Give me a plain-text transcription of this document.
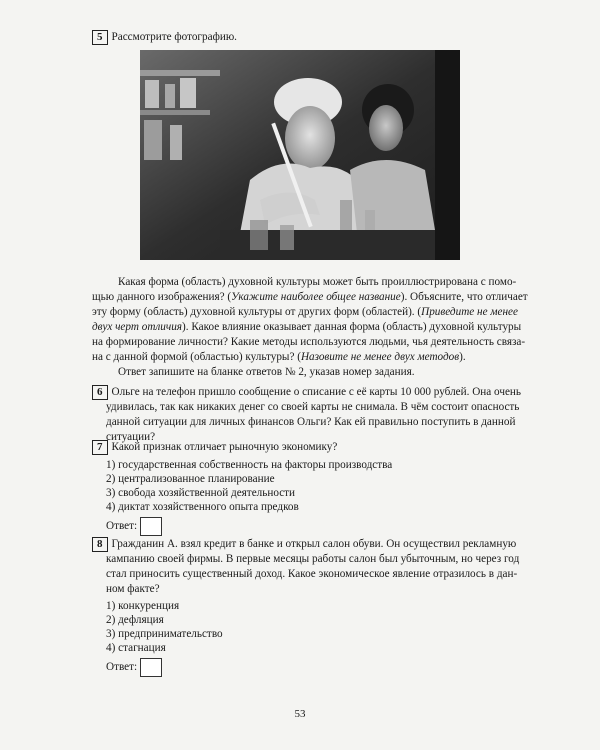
5 Рассмотрите фотографию.
Какая форма (область) духовной культуры может быть проиллюстрирована с помо-
щью данного изображения? (Укажите наиболее общее название). Объясните, что отличает
эту форму (область) духовной культуры от других форм (областей). (Приведите не менее
двух черт отличия). Какое влияние оказывает данная форма (область) духовной культуры
на формирование личности? Какие методы используются людьми, чья деятельность связа-
на с данной формой (областью) культуры? (Назовите не менее двух методов).
Ответ запишите на бланке ответов № 2, указав номер задания.
6 Ольге на телефон пришло сообщение о списание с её карты 10 000 рублей. Она очень
удивилась, так как никаких денег со своей карты не снимала. В чём состоит опасность
данной ситуации для личных финансов Ольги? Как ей правильно поступить в данной
ситуации?
7 Какой признак отличает рыночную экономику?
1) государственная собственность на факторы производства
2) централизованное планирование
3) свобода хозяйственной деятельности
4) диктат хозяйственного опыта предков
Ответ:
8 Гражданин А. взял кредит в банке и открыл салон обуви. Он осуществил рекламную
кампанию своей фирмы. В первые месяцы работы салон был убыточным, но через год
стал приносить существенный доход. Какое экономическое явление отразилось в дан-
ном факте?
1) конкуренция
2) дефляция
3) предпринимательство
4) стагнация
Ответ:
53
